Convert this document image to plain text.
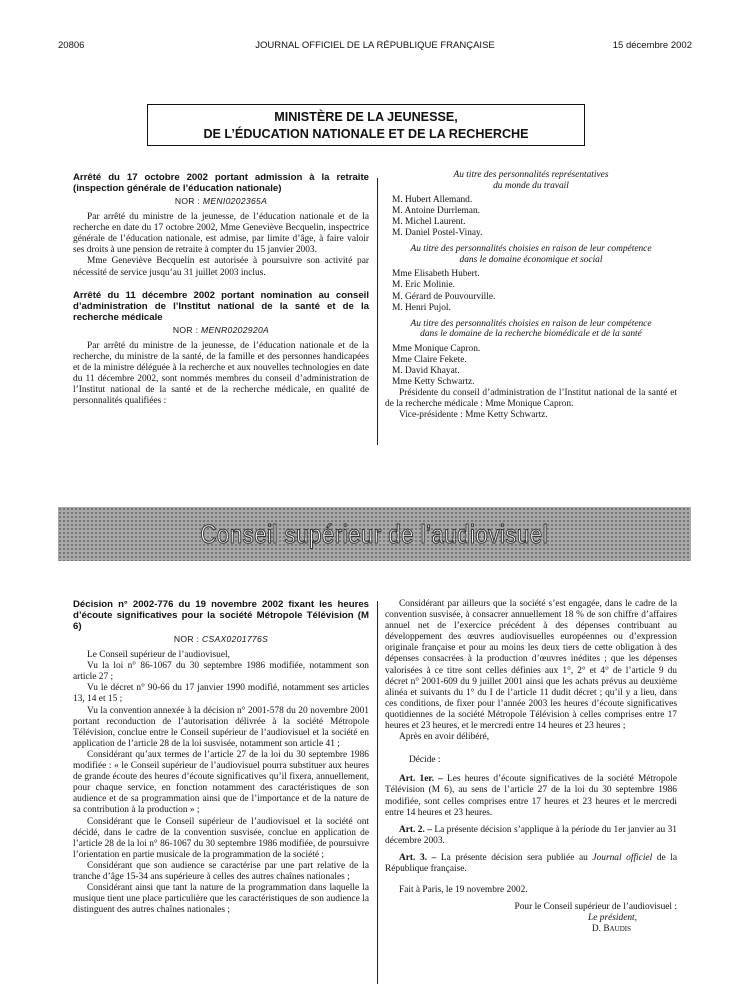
20806	JOURNAL OFFICIEL DE LA RÉPUBLIQUE FRANÇAISE	15 décembre 2002
MINISTÈRE DE LA JEUNESSE,
DE L’ÉDUCATION NATIONALE ET DE LA RECHERCHE
Arrêté du 17 octobre 2002 portant admission à la retraite (inspection générale de l’éducation nationale)
NOR : MENI0202365A

Par arrêté du ministre de la jeunesse, de l’éducation nationale et de la recherche en date du 17 octobre 2002, Mme Geneviève Becquelin, inspectrice générale de l’éducation nationale, est admise, par limite d’âge, à faire valoir ses droits à une pension de retraite à compter du 15 janvier 2003.

Mme Geneviève Becquelin est autorisée à poursuivre son activité par nécessité de service jusqu’au 31 juillet 2003 inclus.

Arrêté du 11 décembre 2002 portant nomination au conseil d’administration de l’Institut national de la santé et de la recherche médicale
NOR : MENR0202920A

Par arrêté du ministre de la jeunesse, de l’éducation nationale et de la recherche, du ministre de la santé, de la famille et des personnes handicapées et de la ministre déléguée à la recherche et aux nouvelles technologies en date du 11 décembre 2002, sont nommés membres du conseil d’administration de l’Institut national de la santé et de la recherche médicale, en qualité de personnalités qualifiées :

Au titre des personnalités représentatives
du monde du travail
M. Hubert Allemand.
M. Antoine Durrleman.
M. Michel Laurent.
M. Daniel Postel-Vinay.
Au titre des personnalités choisies en raison de leur compétence
dans le domaine économique et social
Mme Elisabeth Hubert.
M. Eric Molinie.
M. Gérard de Pouvourville.
M. Henri Pujol.
Au titre des personnalités choisies en raison de leur compétence
dans le domaine de la recherche biomédicale et de la santé
Mme Monique Capron.
Mme Claire Fekete.
M. David Khayat.
Mme Ketty Schwartz.

Présidente du conseil d’administration de l’Institut national de la santé et de la recherche médicale : Mme Monique Capron.

Vice-présidente : Mme Ketty Schwartz.

Conseil supérieur de l’audiovisuel
Décision n° 2002-776 du 19 novembre 2002 fixant les heures d’écoute significatives pour la société Métropole Télévision (M 6)
NOR : CSAX0201776S

Le Conseil supérieur de l’audiovisuel,

Vu la loi n° 86-1067 du 30 septembre 1986 modifiée, notamment son article 27 ;

Vu le décret n° 90-66 du 17 janvier 1990 modifié, notamment ses articles 13, 14 et 15 ;

Vu la convention annexée à la décision n° 2001-578 du 20 novembre 2001 portant reconduction de l’autorisation délivrée à la société Métropole Télévision, conclue entre le Conseil supérieur de l’audiovisuel et la société en application de l’article 28 de la loi susvisée, notamment son article 41 ;

Considérant qu’aux termes de l’article 27 de la loi du 30 septembre 1986 modifiée : « le Conseil supérieur de l’audiovisuel pourra substituer aux heures de grande écoute des heures d’écoute significatives qu’il fixera, annuellement, pour chaque service, en fonction notamment des caractéristiques de son audience et de sa programmation ainsi que de l’importance et de la nature de sa contribution à la production » ;

Considérant que le Conseil supérieur de l’audiovisuel et la société ont décidé, dans le cadre de la convention susvisée, conclue en application de l’article 28 de la loi n° 86-1067 du 30 septembre 1986 modifiée, de poursuivre l’orientation en partie musicale de la programmation de la société ;

Considérant que son audience se caractérise par une part relative de la tranche d’âge 15-34 ans supérieure à celles des autres chaînes nationales ;

Considérant ainsi que tant la nature de la programmation dans laquelle la musique tient une place particulière que les caractéristiques de son audience la distinguent des autres chaînes nationales ;

Considérant par ailleurs que la société s’est engagée, dans le cadre de la convention susvisée, à consacrer annuellement 18 % de son chiffre d’affaires annuel net de l’exercice précédent à des dépenses contribuant au développement des œuvres audiovisuelles européennes ou d’expression originale française et pour au moins les deux tiers de cette obligation à des dépenses consacrées à la production d’œuvres inédites ; que les dépenses valorisées à ce titre sont celles définies aux 1°, 2° et 4° de l’article 9 du décret n° 2001-609 du 9 juillet 2001 ainsi que les achats prévus au deuxième alinéa et suivants du 1° du I de l’article 11 dudit décret ; qu’il y a lieu, dans ces conditions, de fixer pour l’année 2003 les heures d’écoute significatives quotidiennes de la société Métropole Télévision à celles comprises entre 17 heures et 23 heures, et le mercredi entre 14 heures et 23 heures ;

Après en avoir délibéré,

Décide :

Art. 1er. – Les heures d’écoute significatives de la société Métropole Télévision (M 6), au sens de l’article 27 de la loi du 30 septembre 1986 modifiée, sont celles comprises entre 17 heures et 23 heures et le mercredi entre 14 heures et 23 heures.

Art. 2. – La présente décision s’applique à la période du 1er janvier au 31 décembre 2003.

Art. 3. – La présente décision sera publiée au Journal officiel de la République française.

Fait à Paris, le 19 novembre 2002.

Pour le Conseil supérieur de l’audiovisuel :
Le président,
D. Baudis
